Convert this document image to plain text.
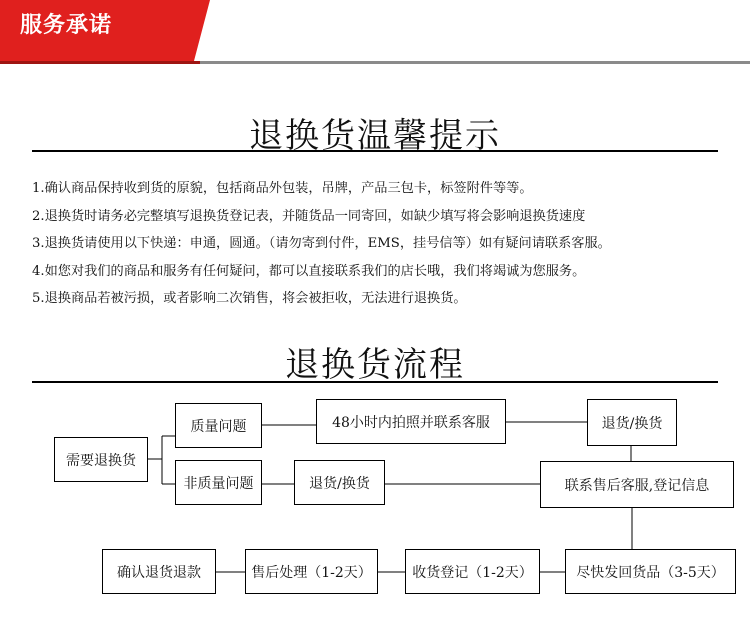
服务承诺
退换货温馨提示
1.确认商品保持收到货的原貌，包括商品外包装，吊牌，产品三包卡，标签附件等等。
2.退换货时请务必完整填写退换货登记表，并随货品一同寄回，如缺少填写将会影响退换货速度
3.退换货请使用以下快递：申通，圆通。（请勿寄到付件，EMS，挂号信等）如有疑问请联系客服。
4.如您对我们的商品和服务有任何疑问，都可以直接联系我们的店长哦，我们将竭诚为您服务。
5.退换商品若被污损，或者影响二次销售，将会被拒收，无法进行退换货。
退换货流程
需要退换货
质量问题
非质量问题
48小时内拍照并联系客服	退货/换货
退货/换货	联系售后客服,登记信息
确认退货退款	售后处理（1-2天）	收货登记（1-2天）	尽快发回货品（3-5天）
